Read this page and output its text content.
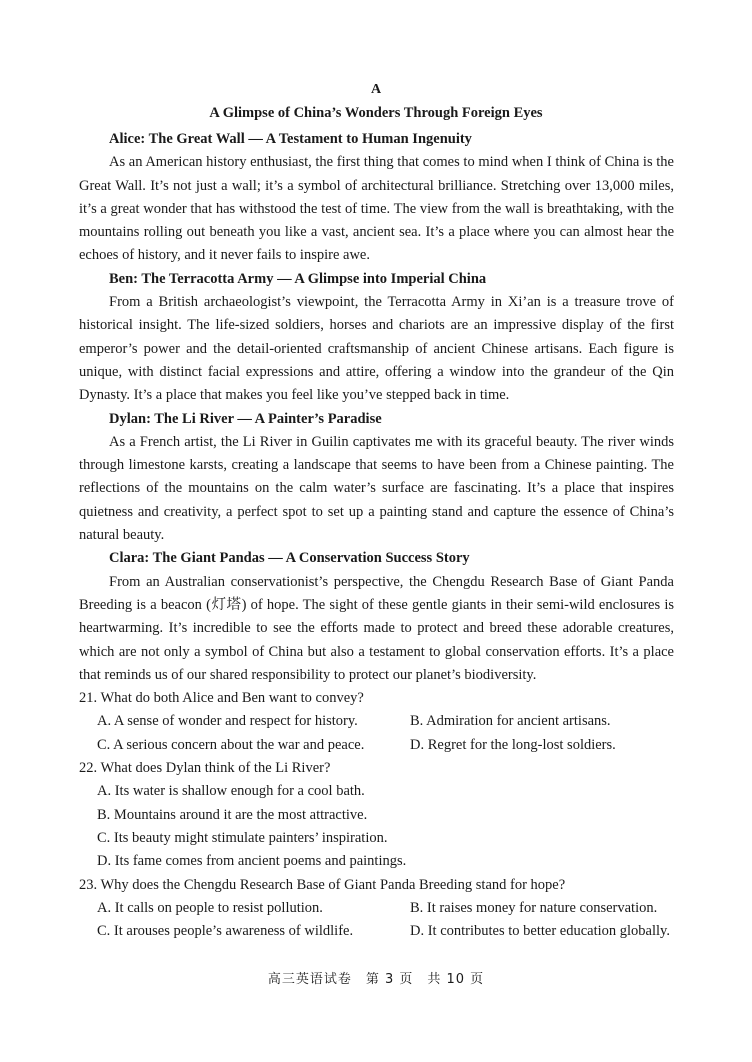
A
A Glimpse of China’s Wonders Through Foreign Eyes
Alice: The Great Wall — A Testament to Human Ingenuity
As an American history enthusiast, the first thing that comes to mind when I think of China is the Great Wall. It’s not just a wall; it’s a symbol of architectural brilliance. Stretching over 13,000 miles, it’s a great wonder that has withstood the test of time. The view from the wall is breathtaking, with the mountains rolling out beneath you like a vast, ancient sea. It’s a place where you can almost hear the echoes of history, and it never fails to inspire awe.
Ben: The Terracotta Army — A Glimpse into Imperial China
From a British archaeologist’s viewpoint, the Terracotta Army in Xi’an is a treasure trove of historical insight. The life-sized soldiers, horses and chariots are an impressive display of the first emperor’s power and the detail-oriented craftsmanship of ancient Chinese artisans. Each figure is unique, with distinct facial expressions and attire, offering a window into the grandeur of the Qin Dynasty. It’s a place that makes you feel like you’ve stepped back in time.
Dylan: The Li River — A Painter’s Paradise
As a French artist, the Li River in Guilin captivates me with its graceful beauty. The river winds through limestone karsts, creating a landscape that seems to have been from a Chinese painting. The reflections of the mountains on the calm water’s surface are fascinating. It’s a place that inspires quietness and creativity, a perfect spot to set up a painting stand and capture the essence of China’s natural beauty.
Clara: The Giant Pandas — A Conservation Success Story
From an Australian conservationist’s perspective, the Chengdu Research Base of Giant Panda Breeding is a beacon (灯塔) of hope. The sight of these gentle giants in their semi-wild enclosures is heartwarming. It’s incredible to see the efforts made to protect and breed these adorable creatures, which are not only a symbol of China but also a testament to global conservation efforts. It’s a place that reminds us of our shared responsibility to protect our planet’s biodiversity.
21. What do both Alice and Ben want to convey?
A. A sense of wonder and respect for history.	B. Admiration for ancient artisans.
C. A serious concern about the war and peace.	D. Regret for the long-lost soldiers.
22. What does Dylan think of the Li River?
A. Its water is shallow enough for a cool bath.
B. Mountains around it are the most attractive.
C. Its beauty might stimulate painters’ inspiration.
D. Its fame comes from ancient poems and paintings.
23. Why does the Chengdu Research Base of Giant Panda Breeding stand for hope?
A. It calls on people to resist pollution.	B. It raises money for nature conservation.
C. It arouses people’s awareness of wildlife.	D. It contributes to better education globally.
高三英语试卷　第 3 页　共 10 页
